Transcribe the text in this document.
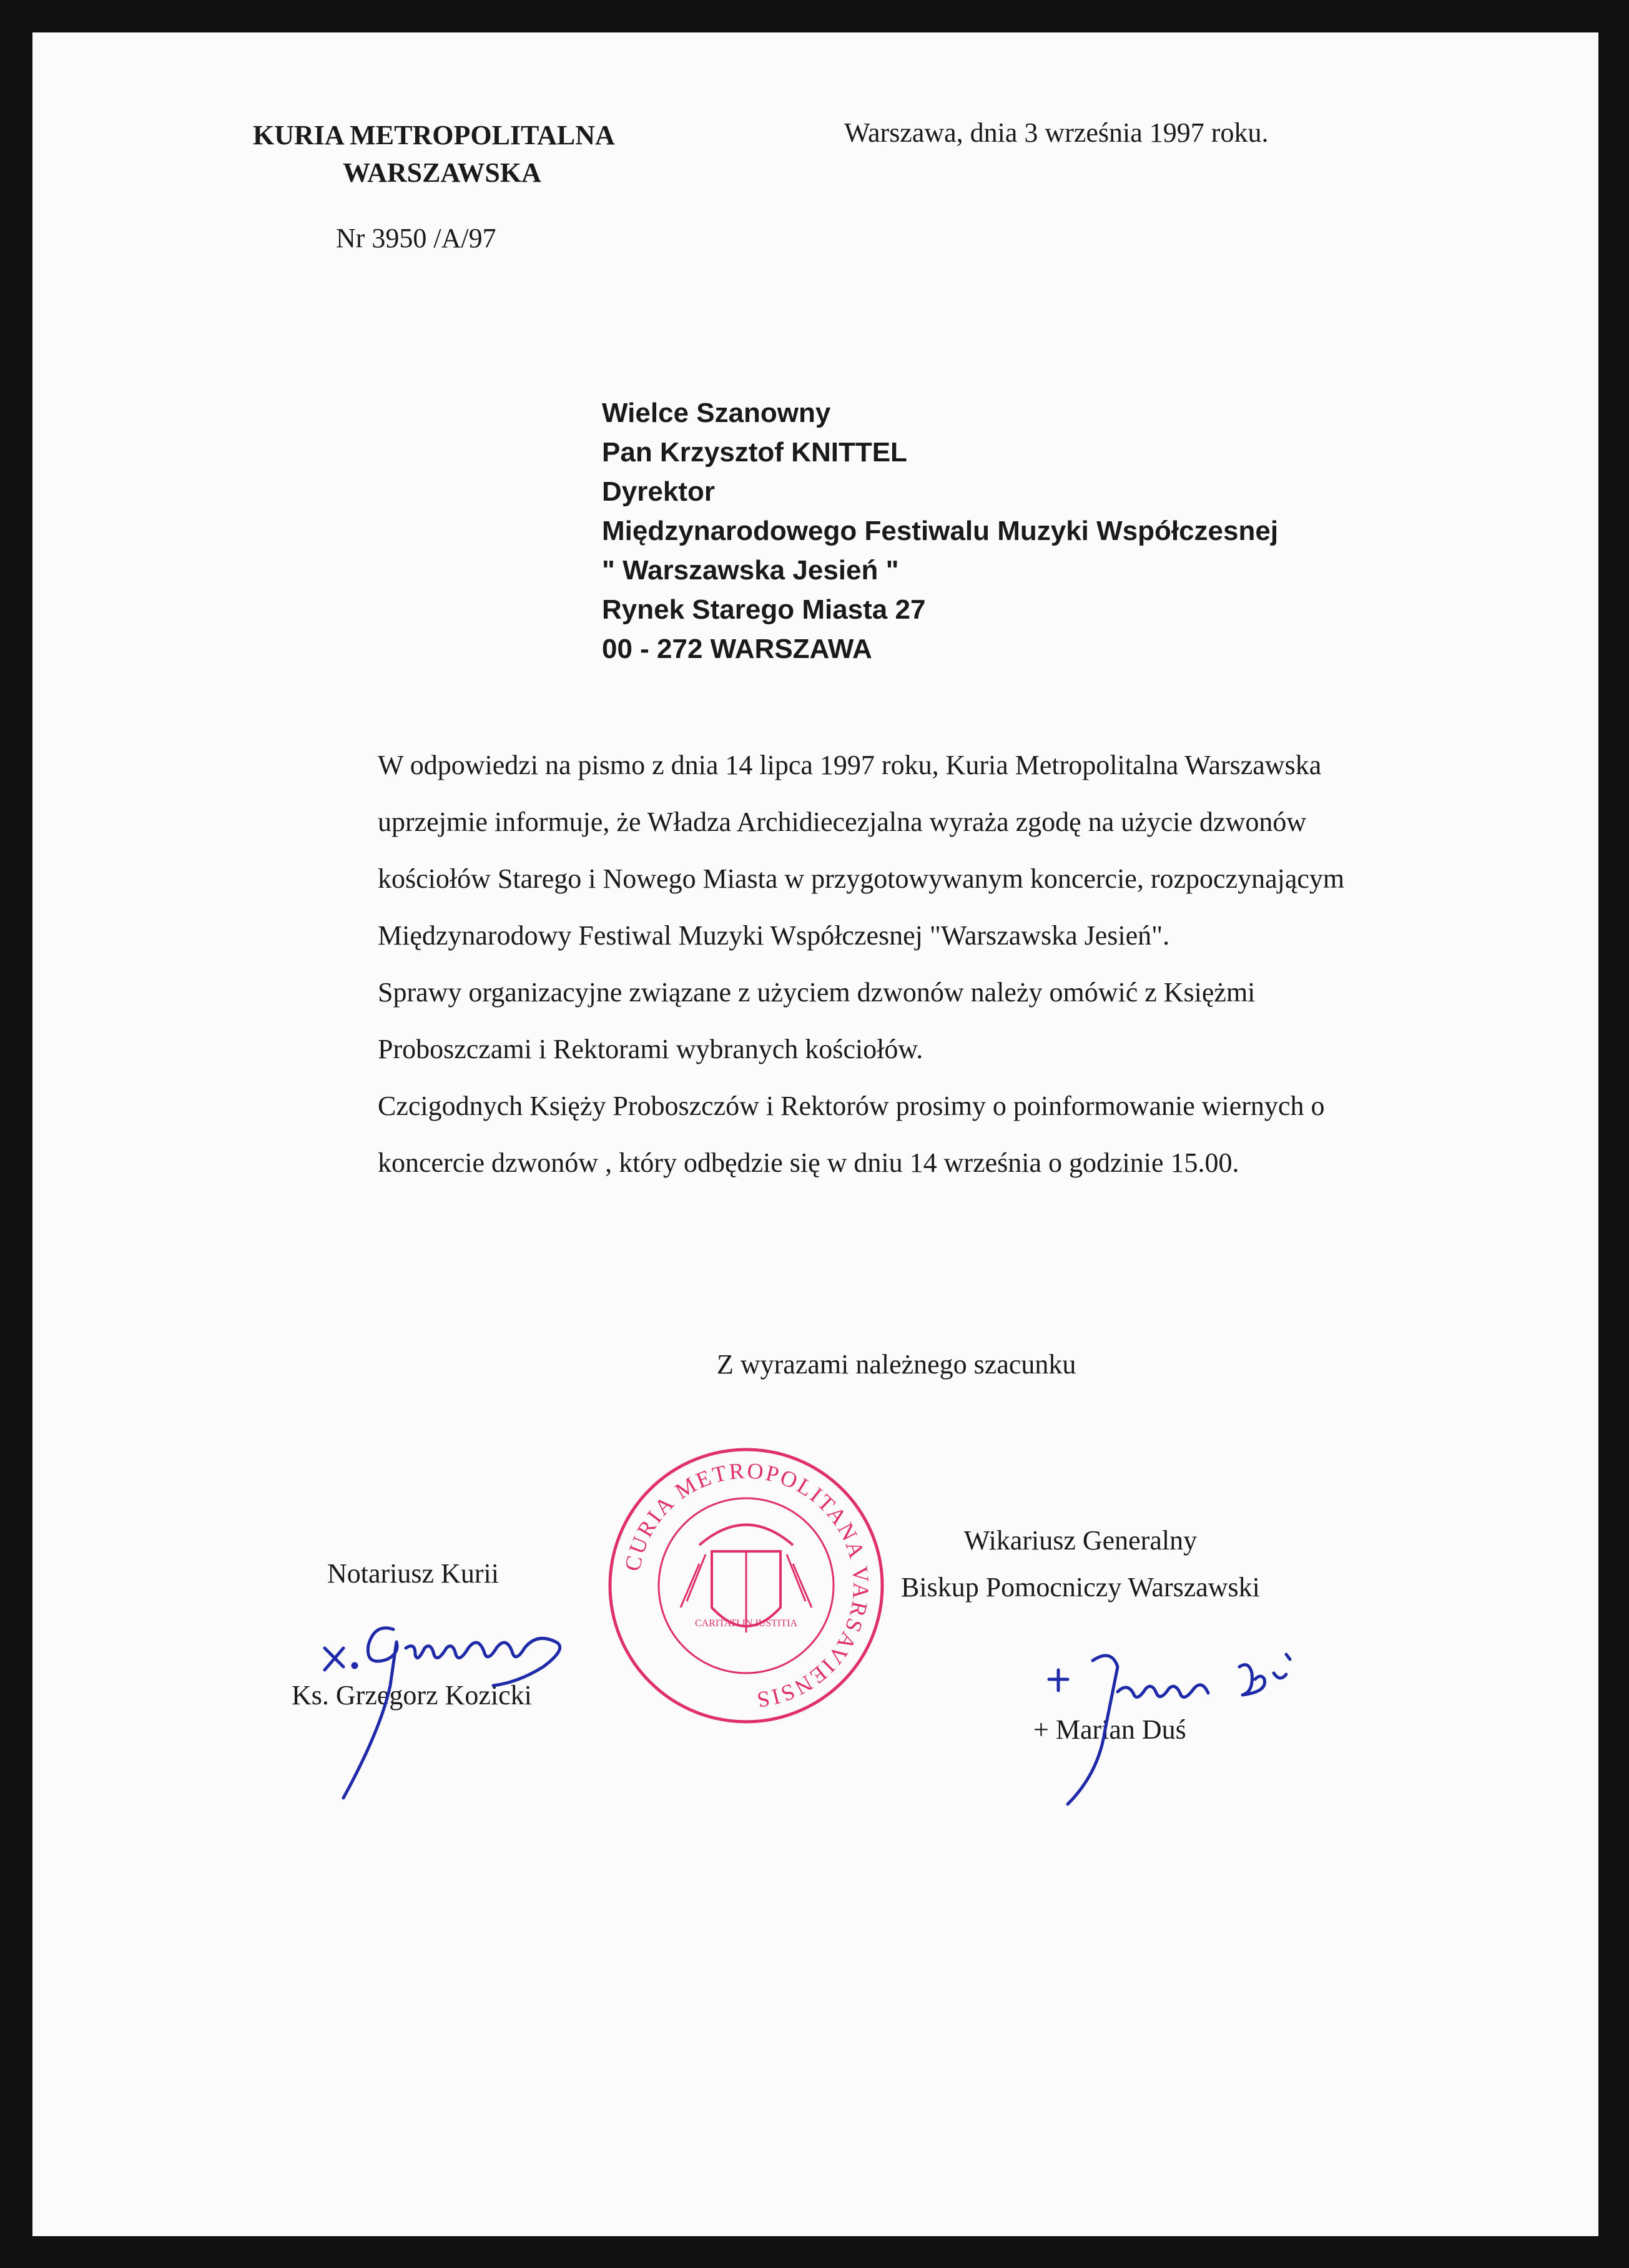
KURIA METROPOLITALNA
WARSZAWSKA
Warszawa, dnia 3 września 1997 roku.
Nr 3950 /A/97
Wielce Szanowny
Pan Krzysztof KNITTEL
Dyrektor
Międzynarodowego Festiwalu Muzyki Współczesnej
" Warszawska Jesień "
Rynek Starego Miasta 27
00 - 272 WARSZAWA

W odpowiedzi na pismo z dnia 14 lipca 1997 roku, Kuria Metropolitalna Warszawska uprzejmie informuje, że Władza Archidiecezjalna wyraża zgodę na użycie dzwonów kościołów Starego i Nowego Miasta w przygotowywanym koncercie, rozpoczynającym Międzynarodowy Festiwal Muzyki Współczesnej "Warszawska Jesień".

Sprawy organizacyjne związane z użyciem dzwonów należy omówić z Księżmi Proboszczami i Rektorami wybranych kościołów.

Czcigodnych Księży Proboszczów i Rektorów prosimy o poinformowanie wiernych o koncercie dzwonów , który odbędzie się w dniu 14 września o godzinie 15.00.

Z wyrazami należnego szacunku
Notariusz Kurii
Ks. Grzegorz Kozicki
Wikariusz Generalny
Biskup Pomocniczy Warszawski
+ Marian Duś
CURIA METROPOLITANA VARSAVIENSIS
CARITATI IN IUSTITIA
